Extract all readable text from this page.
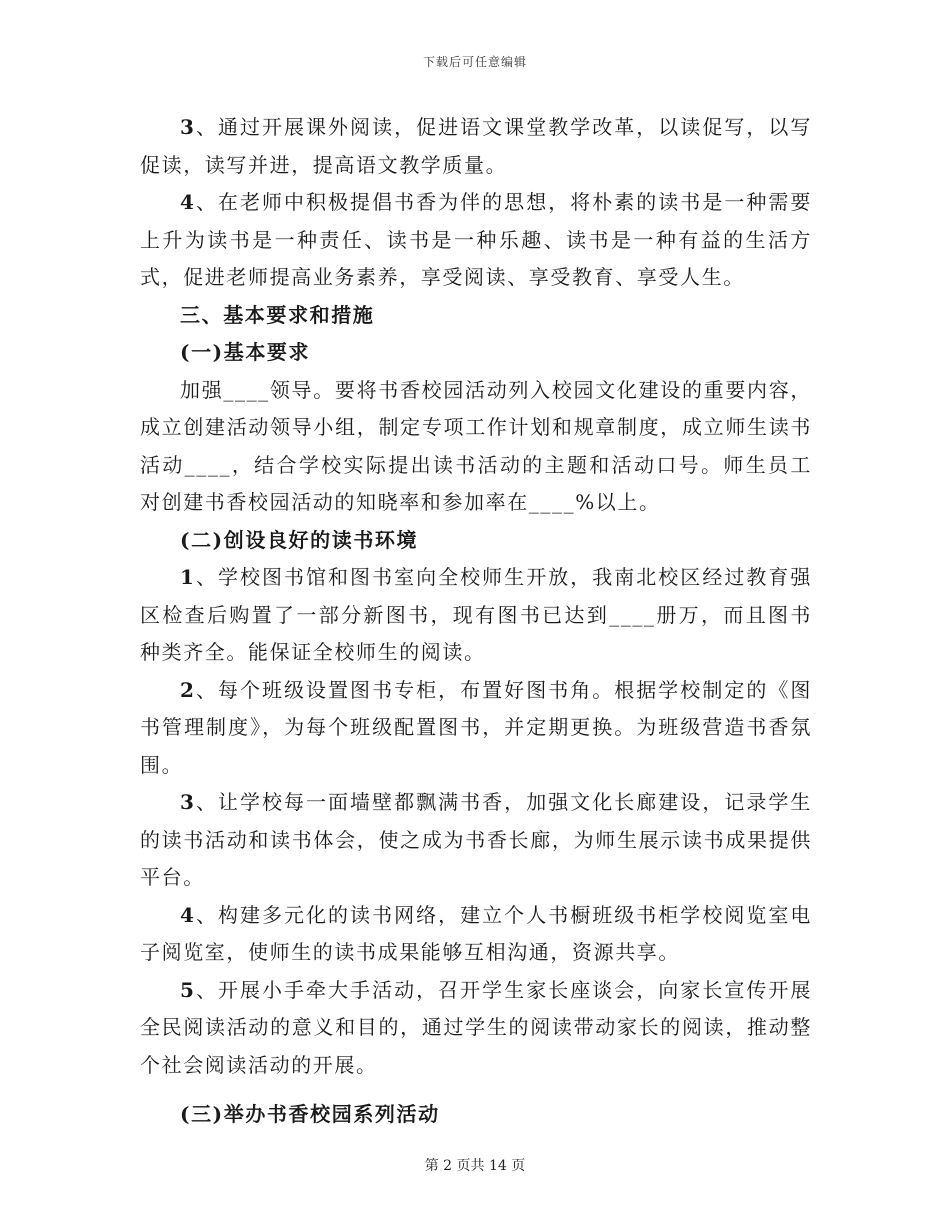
下载后可任意编辑

3、通过开展课外阅读，促进语文课堂教学改革，以读促写，以写促读，读写并进，提高语文教学质量。

4、在老师中积极提倡书香为伴的思想，将朴素的读书是一种需要上升为读书是一种责任、读书是一种乐趣、读书是一种有益的生活方式，促进老师提高业务素养，享受阅读、享受教育、享受人生。

三、基本要求和措施

(一)基本要求

加强____领导。要将书香校园活动列入校园文化建设的重要内容，成立创建活动领导小组，制定专项工作计划和规章制度，成立师生读书活动____，结合学校实际提出读书活动的主题和活动口号。师生员工对创建书香校园活动的知晓率和参加率在____%以上。

(二)创设良好的读书环境

1、学校图书馆和图书室向全校师生开放，我南北校区经过教育强区检查后购置了一部分新图书，现有图书已达到____册万，而且图书种类齐全。能保证全校师生的阅读。

2、每个班级设置图书专柜，布置好图书角。根据学校制定的《图书管理制度》，为每个班级配置图书，并定期更换。为班级营造书香氛围。

3、让学校每一面墙壁都飘满书香，加强文化长廊建设，记录学生的读书活动和读书体会，使之成为书香长廊，为师生展示读书成果提供平台。

4、构建多元化的读书网络，建立个人书橱班级书柜学校阅览室电子阅览室，使师生的读书成果能够互相沟通，资源共享。

5、开展小手牵大手活动，召开学生家长座谈会，向家长宣传开展全民阅读活动的意义和目的，通过学生的阅读带动家长的阅读，推动整个社会阅读活动的开展。

(三)举办书香校园系列活动

第 2 页共 14 页
